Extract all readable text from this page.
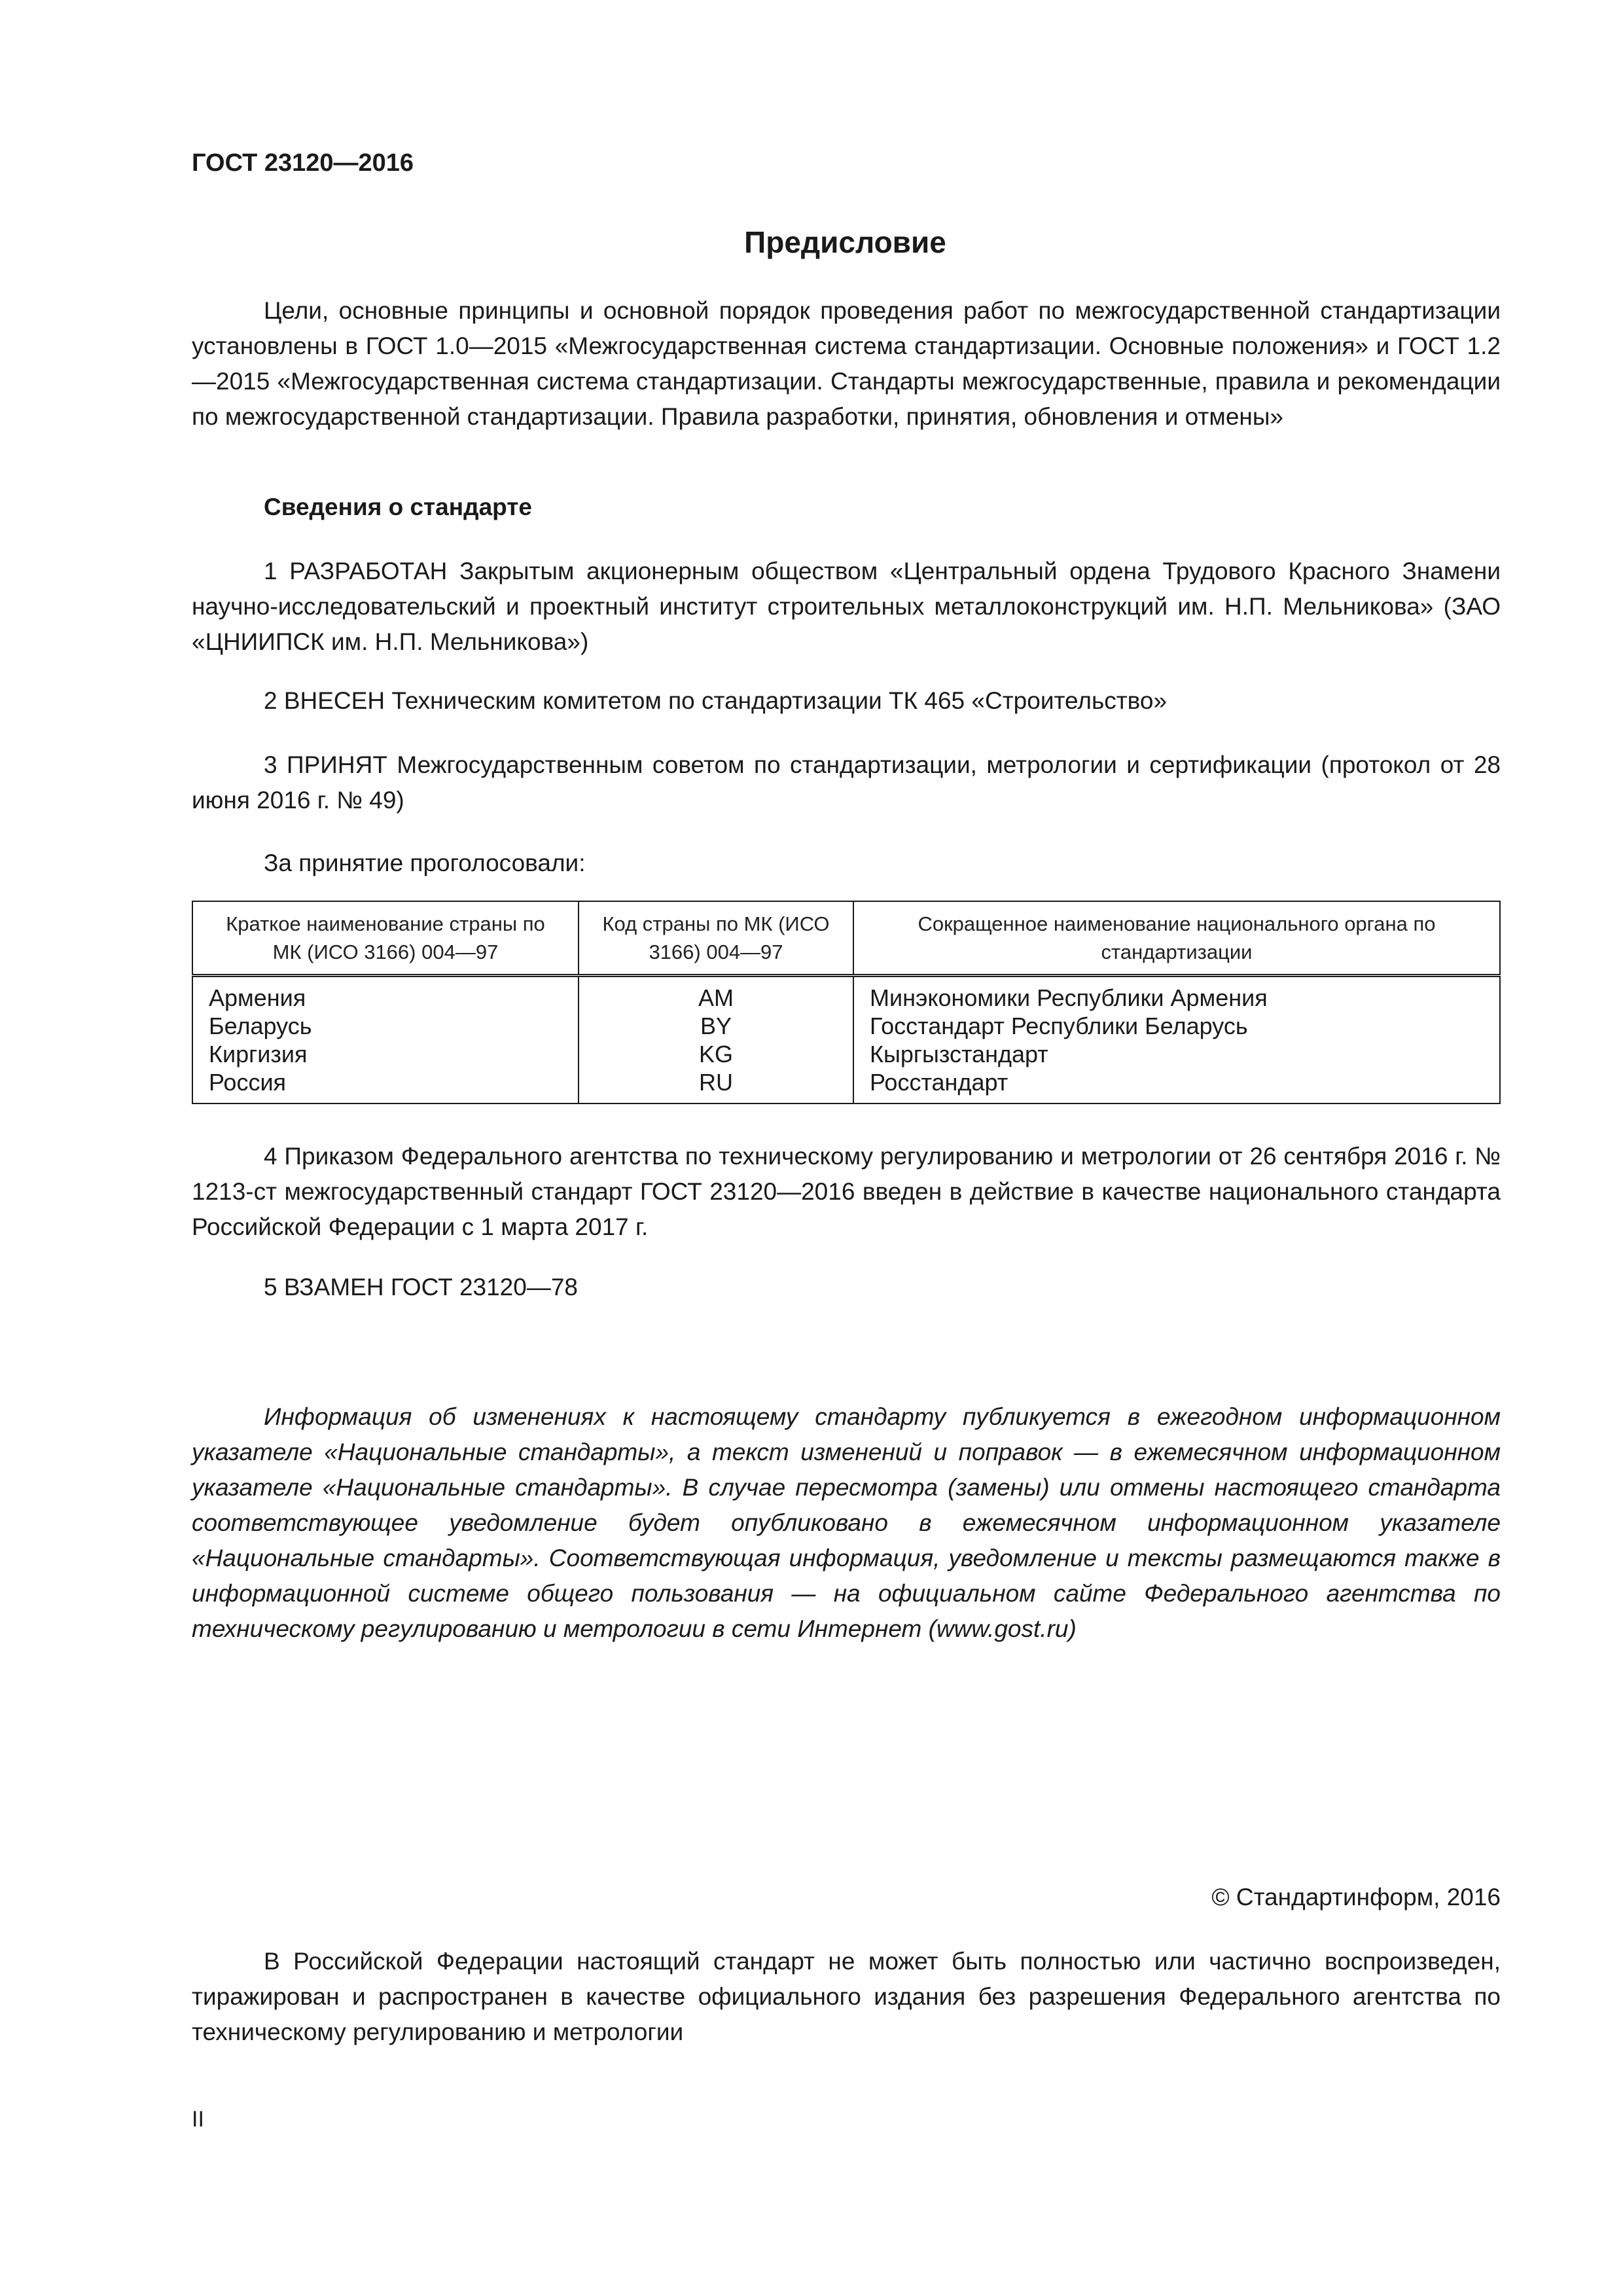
ГОСТ 23120—2016
Предисловие

Цели, основные принципы и основной порядок проведения работ по межгосударственной стандартизации установлены в ГОСТ 1.0—2015 «Межгосударственная система стандартизации. Основные положения» и ГОСТ 1.2—2015 «Межгосударственная система стандартизации. Стандарты межгосударственные, правила и рекомендации по межгосударственной стандартизации. Правила разработки, принятия, обновления и отмены»

Сведения о стандарте

1 РАЗРАБОТАН Закрытым акционерным обществом «Центральный ордена Трудового Красного Знамени научно-исследовательский и проектный институт строительных металлоконструкций им. Н.П. Мельникова» (ЗАО «ЦНИИПСК им. Н.П. Мельникова»)

2 ВНЕСЕН Техническим комитетом по стандартизации ТК 465 «Строительство»

3 ПРИНЯТ Межгосударственным советом по стандартизации, метрологии и сертификации (протокол от 28 июня 2016 г. № 49)

За принятие проголосовали:
Краткое наименование страны по МК (ИСО 3166) 004—97	Код страны по МК (ИСО 3166) 004—97	Сокращенное наименование национального органа по стандартизации
Армения	AM	Минэкономики Республики Армения
Беларусь	BY	Госстандарт Республики Беларусь
Киргизия	KG	Кыргызстандарт
Россия	RU	Росстандарт

4 Приказом Федерального агентства по техническому регулированию и метрологии от 26 сентября 2016 г. № 1213-ст межгосударственный стандарт ГОСТ 23120—2016 введен в действие в качестве национального стандарта Российской Федерации с 1 марта 2017 г.

5 ВЗАМЕН ГОСТ 23120—78

Информация об изменениях к настоящему стандарту публикуется в ежегодном информационном указателе «Национальные стандарты», а текст изменений и поправок — в ежемесячном информационном указателе «Национальные стандарты». В случае пересмотра (замены) или отмены настоящего стандарта соответствующее уведомление будет опубликовано в ежемесячном информационном указателе «Национальные стандарты». Соответствующая информация, уведомление и тексты размещаются также в информационной системе общего пользования — на официальном сайте Федерального агентства по техническому регулированию и метрологии в сети Интернет (www.gost.ru)

© Стандартинформ, 2016

В Российской Федерации настоящий стандарт не может быть полностью или частично воспроизведен, тиражирован и распространен в качестве официального издания без разрешения Федерального агентства по техническому регулированию и метрологии

II
